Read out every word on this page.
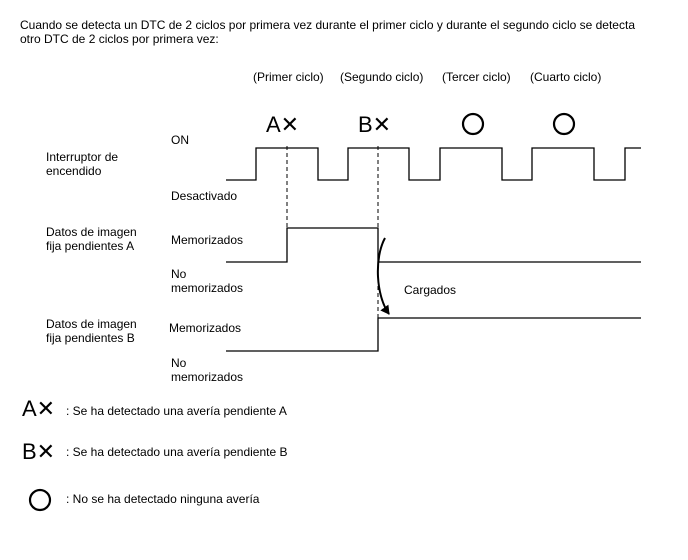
Cuando se detecta un DTC de 2 ciclos por primera vez durante el primer ciclo y durante el segundo ciclo se detecta
otro DTC de 2 ciclos por primera vez:
(Primer ciclo) (Segundo ciclo) (Tercer ciclo) (Cuarto ciclo)
A✕	B✕
Interruptor de
encendido
ON
Desactivado
Datos de imagen
fija pendientes A	Memorizados
No
memorizados	Cargados
Datos de imagen
fija pendientes B
Memorizados
No
memorizados
A✕ : Se ha detectado una avería pendiente A
B✕ : Se ha detectado una avería pendiente B
: No se ha detectado ninguna avería
